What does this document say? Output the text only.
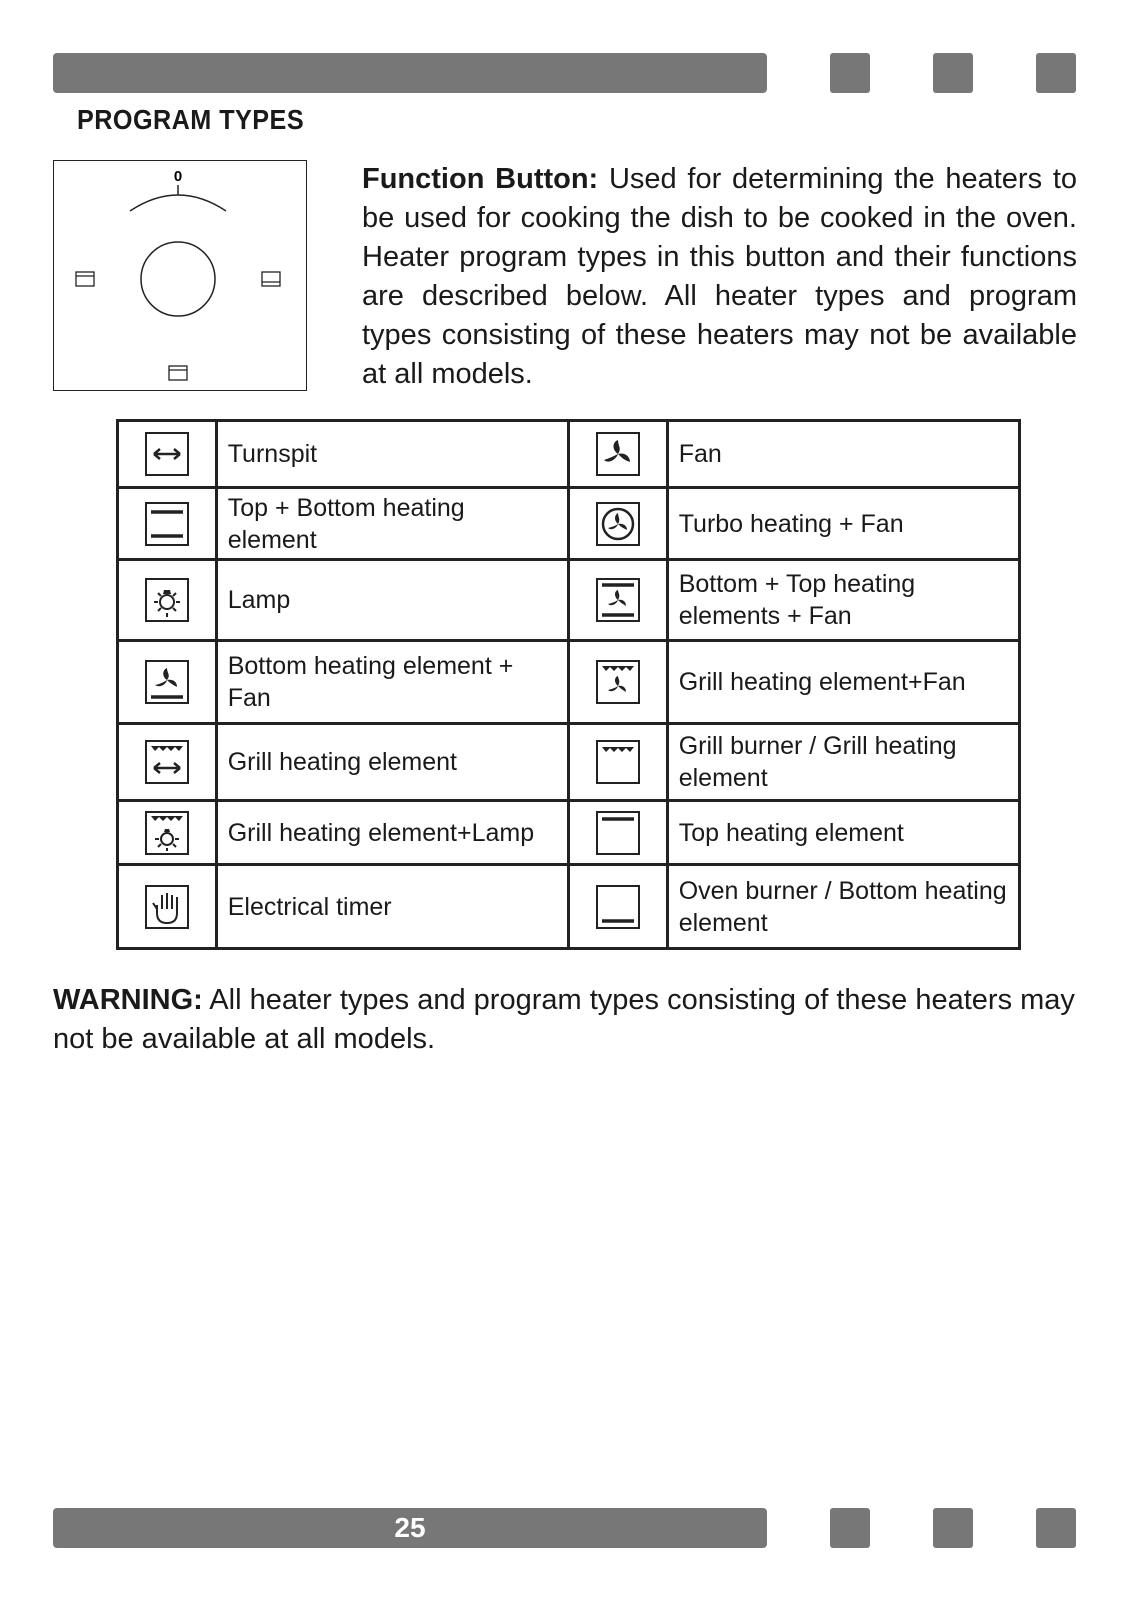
PROGRAM TYPES
0	Function Button: Used for determining the heaters to be used for cooking the dish to be cooked in the oven. Heater program types in this button and their functions are described below. All heater types and program types consisting of these heaters may not be available at all models.
	Turnspit		Fan
	Top + Bottom heating element		Turbo heating + Fan
	Lamp		Bottom + Top heating elements + Fan
	Bottom heating element + Fan		Grill heating element+Fan
	Grill heating element		Grill burner / Grill heating element
	Grill heating element+Lamp		Top heating element
	Electrical timer		Oven burner / Bottom heating element
WARNING: All heater types and program types consisting of these heaters may not be available at all models.
25
